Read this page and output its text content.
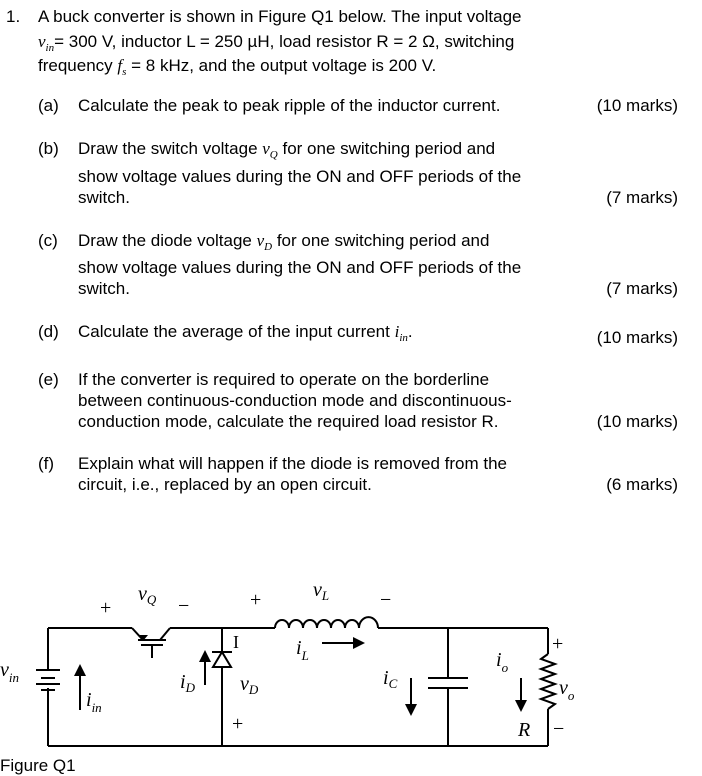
1. A buck converter is shown in Figure Q1 below. The input voltage
$v_{in}= 300$ V, inductor L = 250 µH, load resistor R = 2 Ω, switching
frequency $f_s = 8$ kHz, and the output voltage is 200 V.
(a) Calculate the peak to peak ripple of the inductor current.	(10 marks)
(b) Draw the switch voltage $v_Q$ for one switching period and
show voltage values during the ON and OFF periods of the
switch.	(7 marks)
(c) Draw the diode voltage $v_D$ for one switching period and
show voltage values during the ON and OFF periods of the
switch.	(7 marks)
(d) Calculate the average of the input current $i_{in}$.	(10 marks)
(e) If the converter is required to operate on the borderline
between continuous-conduction mode and discontinuous-
conduction mode, calculate the required load resistor R.	(10 marks)
(f) Explain what will happen if the diode is removed from the
circuit, i.e., replaced by an open circuit.	(6 marks)
$v_Q$	$v_L$
$i_L$
$i_D$ $v_D$
$i_C$
$i_o$
$v_o$
$v_{in}$
$i_{in}$
R
+	−	+	−
I
+
+
−
Figure Q1
